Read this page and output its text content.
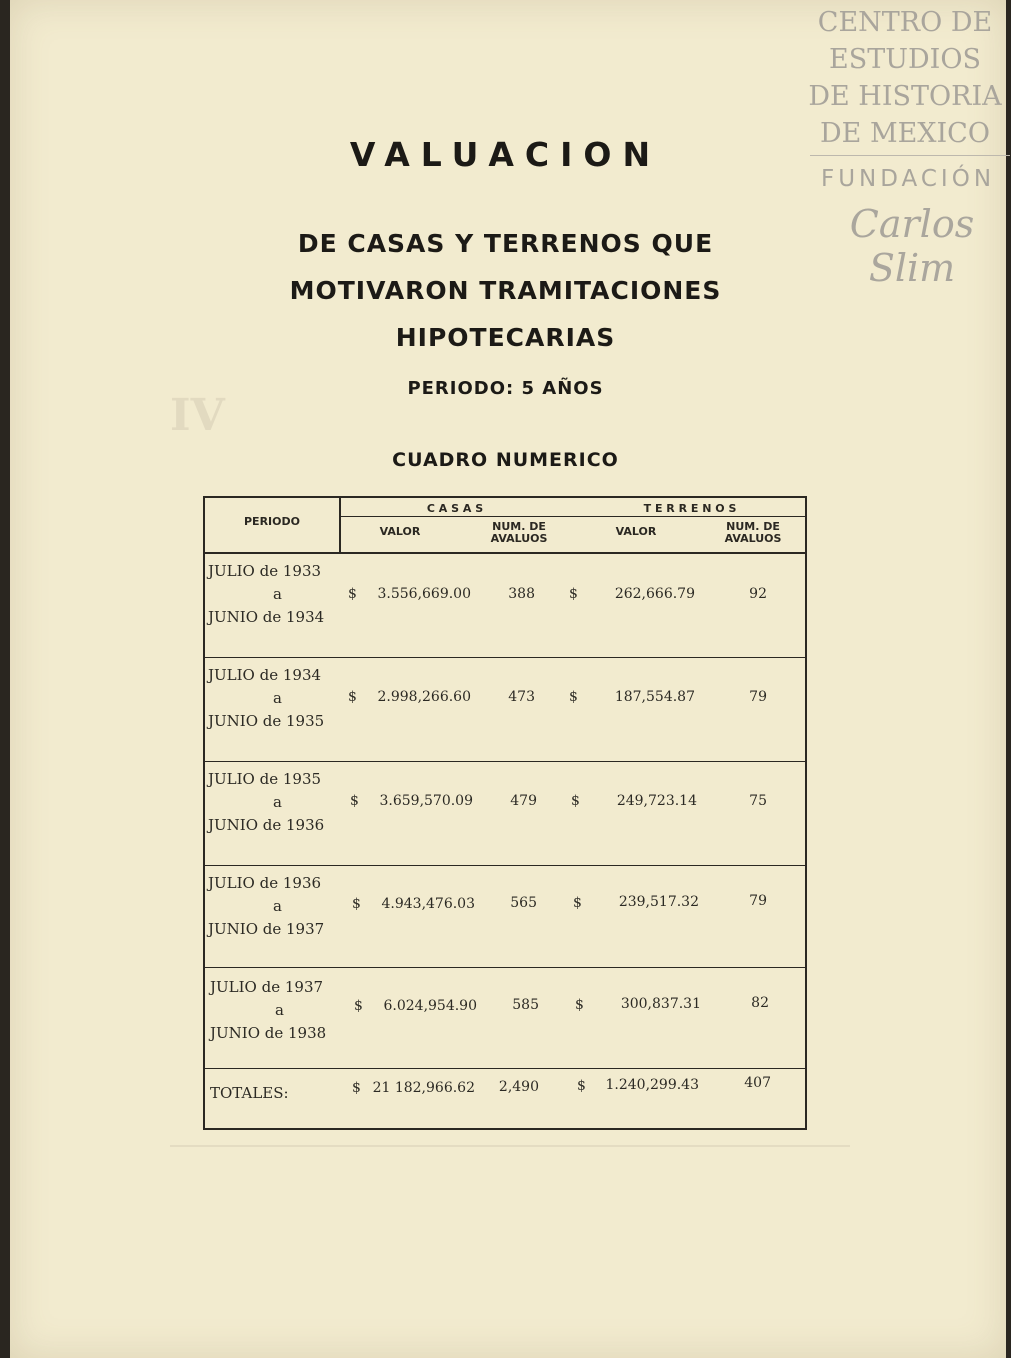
CENTRO DE
ESTUDIOS
DE HISTORIA
DE MEXICO
FUNDACIÓN
Carlos Slim
IV
VALUACION
DE CASAS Y TERRENOS QUE
MOTIVARON TRAMITACIONES
HIPOTECARIAS
PERIODO: 5 AÑOS
CUADRO NUMERICO
PERIODO
C A S A S	T E R R E N O S
VALOR	NUM. DE AVALUOS
VALOR	NUM. DE AVALUOS
JULIO de 1933
a
JUNIO de 1934
$	3.556,669.00	388 $	262,666.79	92
JULIO de 1934
a
JUNIO de 1935
$	2.998,266.60	473 $	187,554.87	79
JULIO de 1935
a
JUNIO de 1936
$	3.659,570.09	479 $	249,723.14	75
JULIO de 1936
a
JUNIO de 1937
$	4.943,476.03	565	$	239,517.32	79
JULIO de 1937
a
JUNIO de 1938
$	6.024,954.90	585	$	300,837.31	82
TOTALES:	$ 21 182,966.62	2,490	$	1.240,299.43	407
